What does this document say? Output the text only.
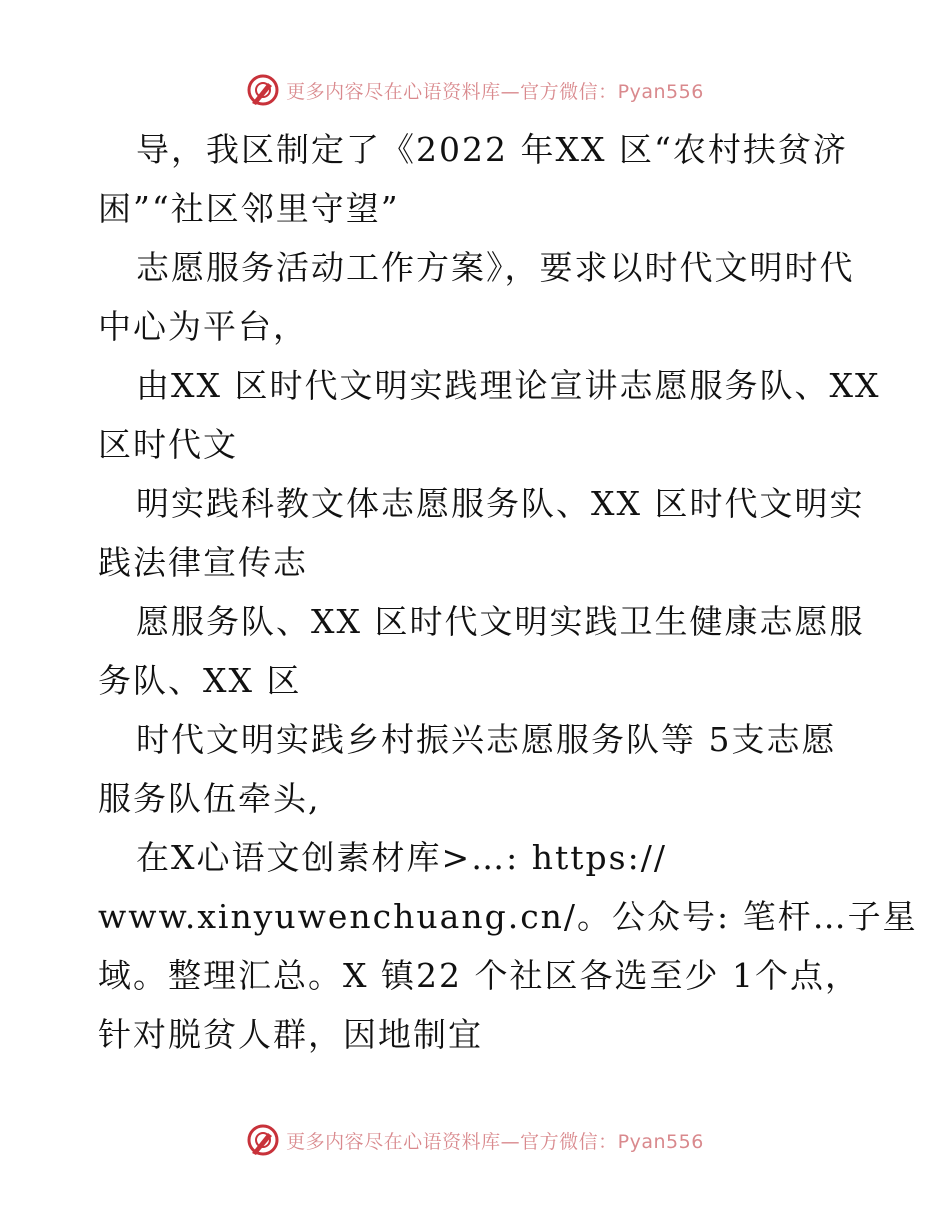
更多内容尽在心语资料库—官方微信：Pyan556
导，我区制定了《2022 年XX 区“农村扶贫济
困”“社区邻里守望”
志愿服务活动工作方案》，要求以时代文明时代
中心为平台，
由XX 区时代文明实践理论宣讲志愿服务队、XX
区时代文
明实践科教文体志愿服务队、XX 区时代文明实
践法律宣传志
愿服务队、XX 区时代文明实践卫生健康志愿服
务队、XX 区
时代文明实践乡村振兴志愿服务队等 5支志愿
服务队伍牵头,
在X心语文创素材库>…: https://
www.xinyuwenchuang.cn/。公众号: 笔杆…子星
域。整理汇总。X 镇22 个社区各选至少 1个点，
针对脱贫人群，因地制宜
更多内容尽在心语资料库—官方微信：Pyan556
